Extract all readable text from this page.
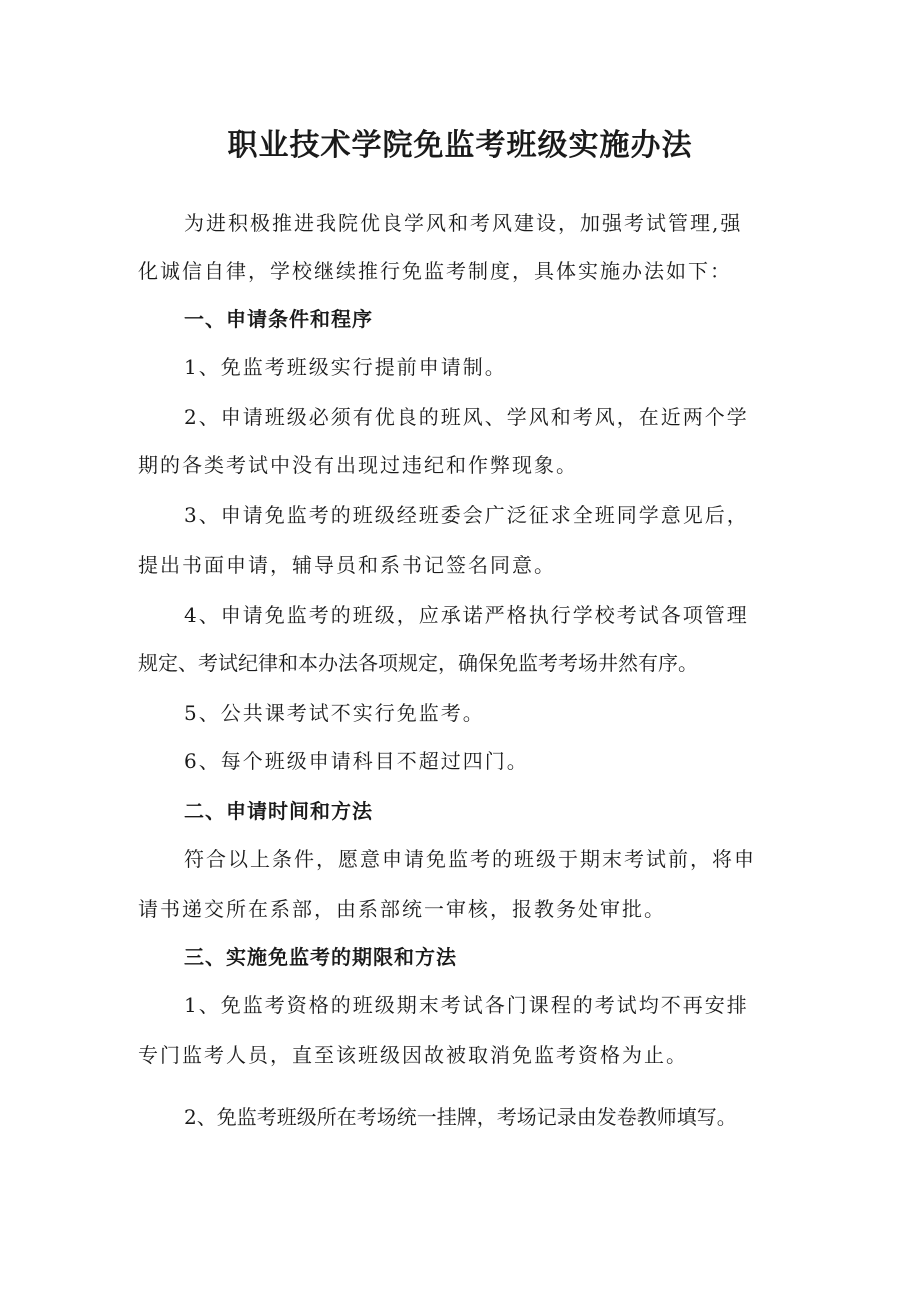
职业技术学院免监考班级实施办法
为进积极推进我院优良学风和考风建设，加强考试管理,强
化诚信自律，学校继续推行免监考制度，具体实施办法如下：
一、申请条件和程序
1、免监考班级实行提前申请制。
2、申请班级必须有优良的班风、学风和考风，在近两个学
期的各类考试中没有出现过违纪和作弊现象。
3、申请免监考的班级经班委会广泛征求全班同学意见后，
提出书面申请，辅导员和系书记签名同意。
4、申请免监考的班级，应承诺严格执行学校考试各项管理
规定、考试纪律和本办法各项规定，确保免监考考场井然有序。
5、公共课考试不实行免监考。
6、每个班级申请科目不超过四门。
二、申请时间和方法
符合以上条件，愿意申请免监考的班级于期末考试前，将申
请书递交所在系部，由系部统一审核，报教务处审批。
三、实施免监考的期限和方法
1、免监考资格的班级期末考试各门课程的考试均不再安排
专门监考人员，直至该班级因故被取消免监考资格为止。
2、免监考班级所在考场统一挂牌，考场记录由发卷教师填写。
